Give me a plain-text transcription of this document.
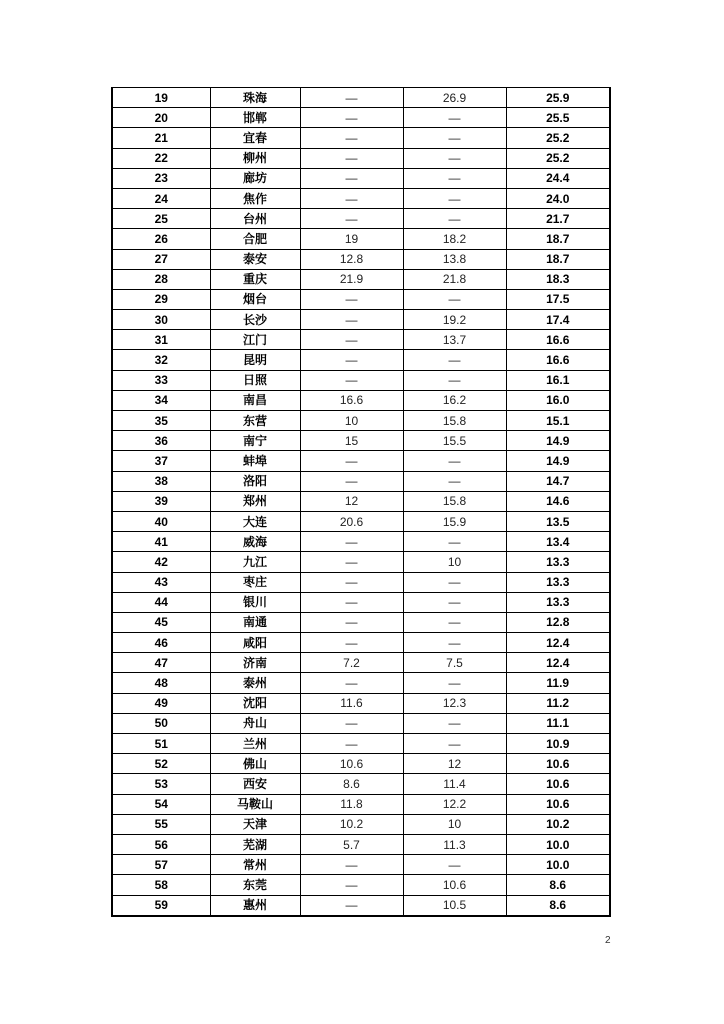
19	珠海	—	26.9	25.9
20	邯郸	—	—	25.5
21	宜春	—	—	25.2
22	柳州	—	—	25.2
23	廊坊	—	—	24.4
24	焦作	—	—	24.0
25	台州	—	—	21.7
26	合肥	19	18.2	18.7
27	泰安	12.8	13.8	18.7
28	重庆	21.9	21.8	18.3
29	烟台	—	—	17.5
30	长沙	—	19.2	17.4
31	江门	—	13.7	16.6
32	昆明	—	—	16.6
33	日照	—	—	16.1
34	南昌	16.6	16.2	16.0
35	东营	10	15.8	15.1
36	南宁	15	15.5	14.9
37	蚌埠	—	—	14.9
38	洛阳	—	—	14.7
39	郑州	12	15.8	14.6
40	大连	20.6	15.9	13.5
41	威海	—	—	13.4
42	九江	—	10	13.3
43	枣庄	—	—	13.3
44	银川	—	—	13.3
45	南通	—	—	12.8
46	咸阳	—	—	12.4
47	济南	7.2	7.5	12.4
48	泰州	—	—	11.9
49	沈阳	11.6	12.3	11.2
50	舟山	—	—	11.1
51	兰州	—	—	10.9
52	佛山	10.6	12	10.6
53	西安	8.6	11.4	10.6
54	马鞍山	11.8	12.2	10.6
55	天津	10.2	10	10.2
56	芜湖	5.7	11.3	10.0
57	常州	—	—	10.0
58	东莞	—	10.6	8.6
59	惠州	—	10.5	8.6
2
